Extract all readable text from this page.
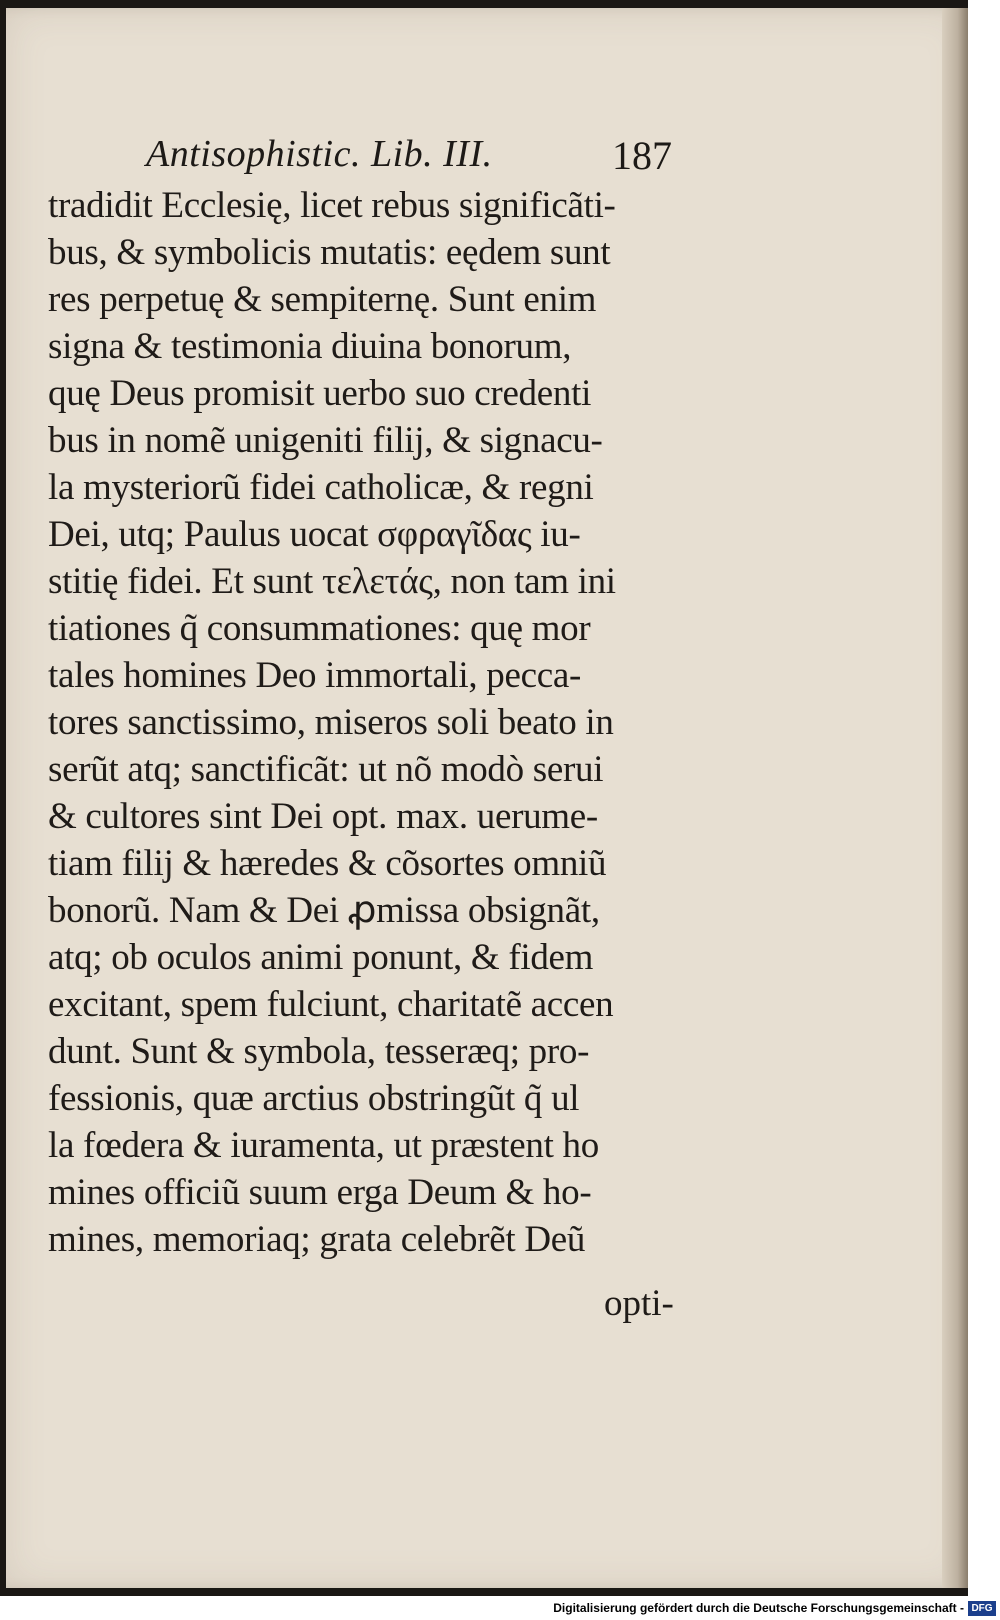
Antisophistic. Lib. III.	187
tradidit Ecclesię, licet rebus significãti-
bus, & symbolicis mutatis: eędem sunt
res perpetuę & sempiternę. Sunt enim
signa & testimonia diuina bonorum,
quę Deus promisit uerbo suo credenti
bus in nomẽ unigeniti filij, & signacu-
la mysteriorũ fidei catholicæ, & regni
Dei, utq; Paulus uocat σφραγῖδας iu-
stitię fidei. Et sunt τελετάς, non tam ini
tiationes q̃ consummationes: quę mor
tales homines Deo immortali, pecca-
tores sanctissimo, miseros soli beato in
serũt atq; sanctificãt: ut nõ modò serui
& cultores sint Dei opt. max. uerume-
tiam filij & hæredes & cõsortes omniũ
bonorũ. Nam & Dei ꝓmissa obsignãt,
atq; ob oculos animi ponunt, & fidem
excitant, spem fulciunt, charitatẽ accen
dunt. Sunt & symbola, tesseræq; pro-
fessionis, quæ arctius obstringũt q̃ ul
la fœdera & iuramenta, ut præstent ho
mines officiũ suum erga Deum & ho-
mines, memoriaq; grata celebrẽt Deũ
opti-
Digitalisierung gefördert durch die Deutsche Forschungsgemeinschaft - DFG
